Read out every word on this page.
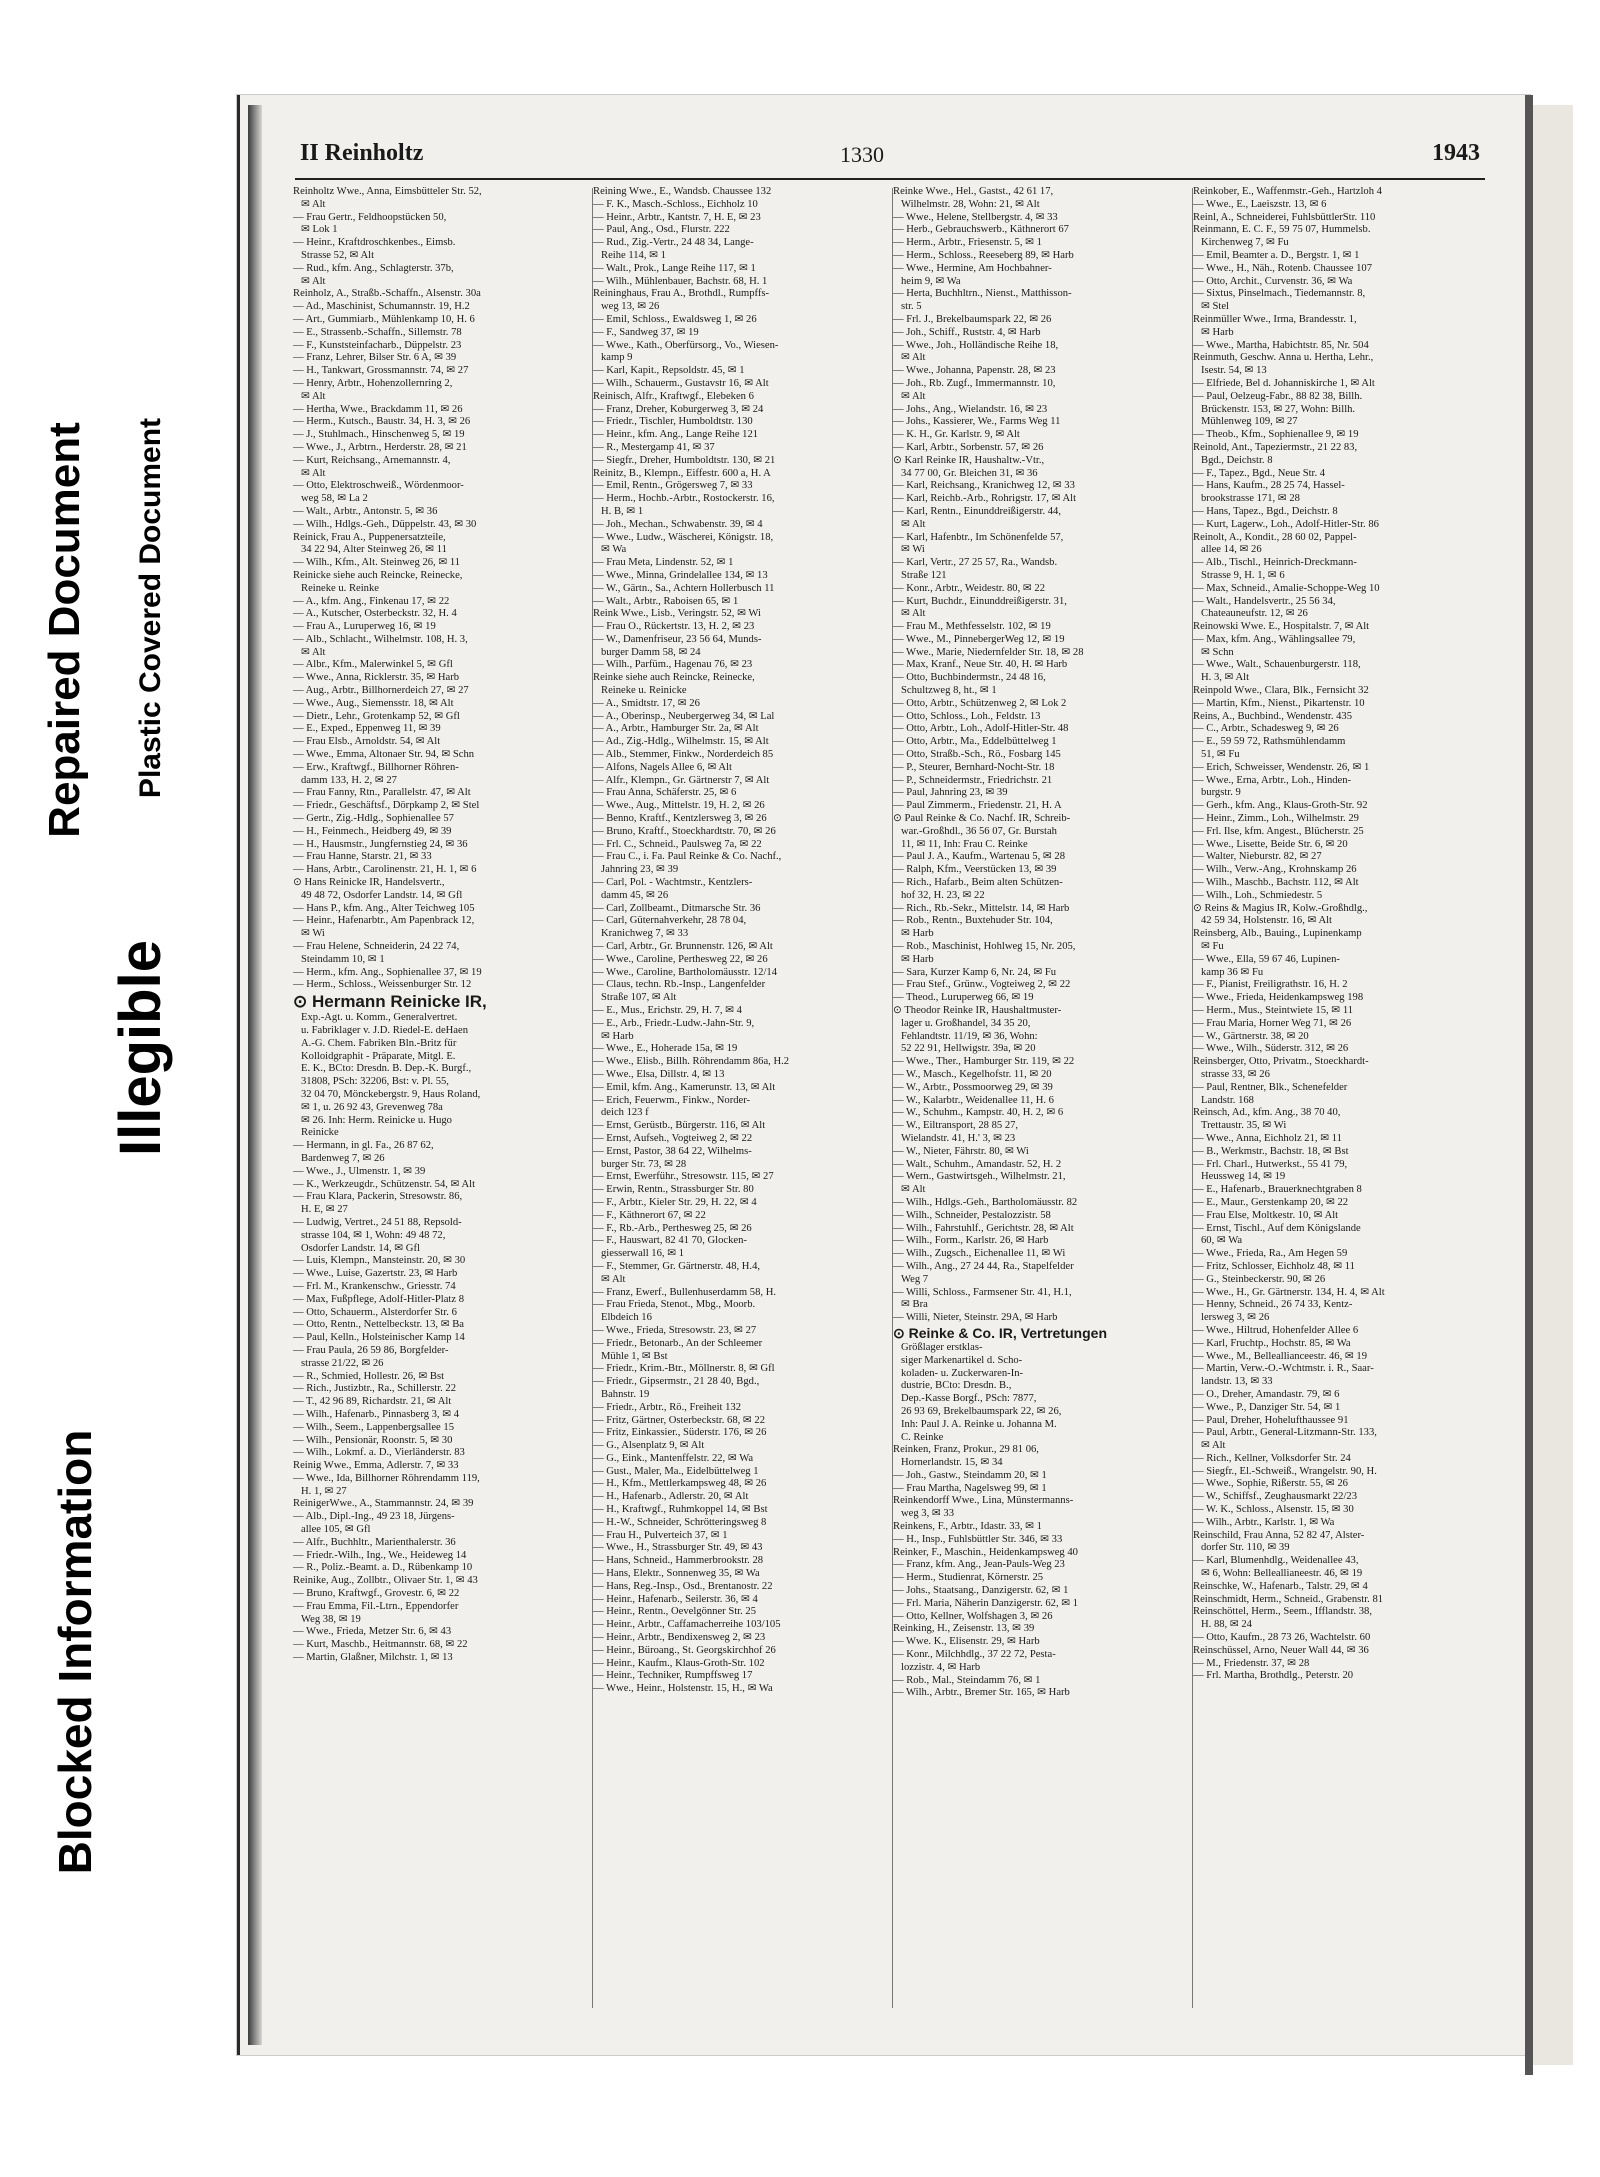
Repaired Document Plastic Covered Document
Illegible
Blocked Information
II Reinholtz	1330	1943
Reinholtz Wwe., Anna, Eimsbütteler Str. 52,
✉ Alt
— Frau Gertr., Feldhoopstücken 50,
✉ Lok 1
— Heinr., Kraftdroschkenbes., Eimsb.
Strasse 52, ✉ Alt
— Rud., kfm. Ang., Schlagterstr. 37b,
✉ Alt
Reinholz, A., Straßb.-Schaffn., Alsenstr. 30a
— Ad., Maschinist, Schumannstr. 19, H.2
— Art., Gummiarb., Mühlenkamp 10, H. 6
— E., Strassenb.-Schaffn., Sillemstr. 78
— F., Kunststeinfacharb., Düppelstr. 23
— Franz, Lehrer, Bilser Str. 6 A, ✉ 39
— H., Tankwart, Grossmannstr. 74, ✉ 27
— Henry, Arbtr., Hohenzollernring 2,
✉ Alt
— Hertha, Wwe., Brackdamm 11, ✉ 26
— Herm., Kutsch., Baustr. 34, H. 3, ✉ 26
— J., Stuhlmach., Hinschenweg 5, ✉ 19
— Wwe., J., Arbtrn., Herderstr. 28, ✉ 21
— Kurt, Reichsang., Arnemannstr. 4,
✉ Alt
— Otto, Elektroschweiß., Wördenmoor-
weg 58, ✉ La 2
— Walt., Arbtr., Antonstr. 5, ✉ 36
— Wilh., Hdlgs.-Geh., Düppelstr. 43, ✉ 30
Reinick, Frau A., Puppenersatzteile,
34 22 94, Alter Steinweg 26, ✉ 11
— Wilh., Kfm., Alt. Steinweg 26, ✉ 11
Reinicke siehe auch Reincke, Reinecke,
Reineke u. Reinke
— A., kfm. Ang., Finkenau 17, ✉ 22
— A., Kutscher, Osterbeckstr. 32, H. 4
— Frau A., Luruperweg 16, ✉ 19
— Alb., Schlacht., Wilhelmstr. 108, H. 3,
✉ Alt
— Albr., Kfm., Malerwinkel 5, ✉ Gfl
— Wwe., Anna, Ricklerstr. 35, ✉ Harb
— Aug., Arbtr., Billhornerdeich 27, ✉ 27
— Wwe., Aug., Siemensstr. 18, ✉ Alt
— Dietr., Lehr., Grotenkamp 52, ✉ Gfl
— E., Exped., Eppenweg 11, ✉ 39
— Frau Elsb., Arnoldstr. 54, ✉ Alt
— Wwe., Emma, Altonaer Str. 94, ✉ Schn
— Erw., Kraftwgf., Billhorner Röhren-
damm 133, H. 2, ✉ 27
— Frau Fanny, Rtn., Parallelstr. 47, ✉ Alt
— Friedr., Geschäftsf., Dörpkamp 2, ✉ Stel
— Gertr., Zig.-Hdlg., Sophienallee 57
— H., Feinmech., Heidberg 49, ✉ 39
— H., Hausmstr., Jungfernstieg 24, ✉ 36
— Frau Hanne, Starstr. 21, ✉ 33
— Hans, Arbtr., Carolinenstr. 21, H. 1, ✉ 6
⊙ Hans Reinicke IR, Handelsvertr.,
49 48 72, Osdorfer Landstr. 14, ✉ Gfl
— Hans P., kfm. Ang., Alter Teichweg 105
— Heinr., Hafenarbtr., Am Papenbrack 12,
✉ Wi
— Frau Helene, Schneiderin, 24 22 74,
Steindamm 10, ✉ 1
— Herm., kfm. Ang., Sophienallee 37, ✉ 19
— Herm., Schloss., Weissenburger Str. 12
⊙ Hermann Reinicke IR,
Exp.-Agt. u. Komm., Generalvertret.
u. Fabriklager v. J.D. Riedel-E. deHaen
A.-G. Chem. Fabriken Bln.-Britz für
Kolloidgraphit - Präparate, Mitgl. E.
E. K., BCto: Dresdn. B. Dep.-K. Burgf.,
31808, PSch: 32206, Bst: v. Pl. 55,
32 04 70, Mönckebergstr. 9, Haus Roland,
✉ 1, u. 26 92 43, Grevenweg 78a
✉ 26. Inh: Herm. Reinicke u. Hugo
Reinicke
— Hermann, in gl. Fa., 26 87 62,
Bardenweg 7, ✉ 26
— Wwe., J., Ulmenstr. 1, ✉ 39
— K., Werkzeugdr., Schützenstr. 54, ✉ Alt
— Frau Klara, Packerin, Stresowstr. 86,
H. E, ✉ 27
— Ludwig, Vertret., 24 51 88, Repsold-
strasse 104, ✉ 1, Wohn: 49 48 72,
Osdorfer Landstr. 14, ✉ Gfl
— Luis, Klempn., Mansteinstr. 20, ✉ 30
— Wwe., Luise, Gazertstr. 23, ✉ Harb
— Frl. M., Krankenschw., Griesstr. 74
— Max, Fußpflege, Adolf-Hitler-Platz 8
— Otto, Schauerm., Alsterdorfer Str. 6
— Otto, Rentn., Nettelbeckstr. 13, ✉ Ba
— Paul, Kelln., Holsteinischer Kamp 14
— Frau Paula, 26 59 86, Borgfelder-
strasse 21/22, ✉ 26
— R., Schmied, Hollestr. 26, ✉ Bst
— Rich., Justizbtr., Ra., Schillerstr. 22
— T., 42 96 89, Richardstr. 21, ✉ Alt
— Wilh., Hafenarb., Pinnasberg 3, ✉ 4
— Wilh., Seem., Lappenbergsallee 15
— Wilh., Pensionär, Roonstr. 5, ✉ 30
— Wilh., Lokmf. a. D., Vierländerstr. 83
Reinig Wwe., Emma, Adlerstr. 7, ✉ 33
— Wwe., Ida, Billhorner Röhrendamm 119,
H. 1, ✉ 27
ReinigerWwe., A., Stammannstr. 24, ✉ 39
— Alb., Dipl.-Ing., 49 23 18, Jürgens-
allee 105, ✉ Gfl
— Alfr., Buchhltr., Marienthalerstr. 36
— Friedr.-Wilh., Ing., We., Heideweg 14
— R., Poliz.-Beamt. a. D., Rübenkamp 10
Reinike, Aug., Zollbtr., Olivaer Str. 1, ✉ 43
— Bruno, Kraftwgf., Grovestr. 6, ✉ 22
— Frau Emma, Fil.-Ltrn., Eppendorfer
Weg 38, ✉ 19
— Wwe., Frieda, Metzer Str. 6, ✉ 43
— Kurt, Maschb., Heitmannstr. 68, ✉ 22
— Martin, Glaßner, Milchstr. 1, ✉ 13
Reining Wwe., E., Wandsb. Chaussee 132
— F. K., Masch.-Schloss., Eichholz 10
— Heinr., Arbtr., Kantstr. 7, H. E, ✉ 23
— Paul, Ang., Osd., Flurstr. 222
— Rud., Zig.-Vertr., 24 48 34, Lange-
Reihe 114, ✉ 1
— Walt., Prok., Lange Reihe 117, ✉ 1
— Wilh., Mühlenbauer, Bachstr. 68, H. 1
Reininghaus, Frau A., Brothdl., Rumpffs-
weg 13, ✉ 26
— Emil, Schloss., Ewaldsweg 1, ✉ 26
— F., Sandweg 37, ✉ 19
— Wwe., Kath., Oberfürsorg., Vo., Wiesen-
kamp 9
— Karl, Kapit., Repsoldstr. 45, ✉ 1
— Wilh., Schauerm., Gustavstr 16, ✉ Alt
Reinisch, Alfr., Kraftwgf., Elebeken 6
— Franz, Dreher, Koburgerweg 3, ✉ 24
— Friedr., Tischler, Humboldtstr. 130
— Heinr., kfm. Ang., Lange Reihe 121
— R., Mestergamp 41, ✉ 37
— Siegfr., Dreher, Humboldtstr. 130, ✉ 21
Reinitz, B., Klempn., Eiffestr. 600 a, H. A
— Emil, Rentn., Grögersweg 7, ✉ 33
— Herm., Hochb.-Arbtr., Rostockerstr. 16,
H. B, ✉ 1
— Joh., Mechan., Schwabenstr. 39, ✉ 4
— Wwe., Ludw., Wäscherei, Königstr. 18,
✉ Wa
— Frau Meta, Lindenstr. 52, ✉ 1
— Wwe., Minna, Grindelallee 134, ✉ 13
— W., Gärtn., Sa., Achtern Hollerbusch 11
— Walt., Arbtr., Raboisen 65, ✉ 1
Reink Wwe., Lisb., Veringstr. 52, ✉ Wi
— Frau O., Rückertstr. 13, H. 2, ✉ 23
— W., Damenfriseur, 23 56 64, Munds-
burger Damm 58, ✉ 24
— Wilh., Parfüm., Hagenau 76, ✉ 23
Reinke siehe auch Reincke, Reinecke,
Reineke u. Reinicke
— A., Smidtstr. 17, ✉ 26
— A., Oberinsp., Neubergerweg 34, ✉ Lal
— A., Arbtr., Hamburger Str. 2a, ✉ Alt
— Ad., Zig.-Hdlg., Wilhelmstr. 15, ✉ Alt
— Alb., Stemmer, Finkw., Norderdeich 85
— Alfons, Nagels Allee 6, ✉ Alt
— Alfr., Klempn., Gr. Gärtnerstr 7, ✉ Alt
— Frau Anna, Schäferstr. 25, ✉ 6
— Wwe., Aug., Mittelstr. 19, H. 2, ✉ 26
— Benno, Kraftf., Kentzlersweg 3, ✉ 26
— Bruno, Kraftf., Stoeckhardtstr. 70, ✉ 26
— Frl. C., Schneid., Paulsweg 7a, ✉ 22
— Frau C., i. Fa. Paul Reinke & Co. Nachf.,
Jahnring 23, ✉ 39
— Carl, Pol. - Wachtmstr., Kentzlers-
damm 45, ✉ 26
— Carl, Zollbeamt., Ditmarsche Str. 36
— Carl, Güternahverkehr, 28 78 04,
Kranichweg 7, ✉ 33
— Carl, Arbtr., Gr. Brunnenstr. 126, ✉ Alt
— Wwe., Caroline, Perthesweg 22, ✉ 26
— Wwe., Caroline, Bartholomäusstr. 12/14
— Claus, techn. Rb.-Insp., Langenfelder
Straße 107, ✉ Alt
— E., Mus., Erichstr. 29, H. 7, ✉ 4
— E., Arb., Friedr.-Ludw.-Jahn-Str. 9,
✉ Harb
— Wwe., E., Hoherade 15a, ✉ 19
— Wwe., Elisb., Billh. Röhrendamm 86a, H.2
— Wwe., Elsa, Dillstr. 4, ✉ 13
— Emil, kfm. Ang., Kamerunstr. 13, ✉ Alt
— Erich, Feuerwm., Finkw., Norder-
deich 123 f
— Ernst, Gerüstb., Bürgerstr. 116, ✉ Alt
— Ernst, Aufseh., Vogteiweg 2, ✉ 22
— Ernst, Pastor, 38 64 22, Wilhelms-
burger Str. 73, ✉ 28
— Ernst, Ewerführ., Stresowstr. 115, ✉ 27
— Erwin, Rentn., Strassburger Str. 80
— F., Arbtr., Kieler Str. 29, H. 22, ✉ 4
— F., Käthnerort 67, ✉ 22
— F., Rb.-Arb., Perthesweg 25, ✉ 26
— F., Hauswart, 82 41 70, Glocken-
giesserwall 16, ✉ 1
— F., Stemmer, Gr. Gärtnerstr. 48, H.4,
✉ Alt
— Franz, Ewerf., Bullenhuserdamm 58, H.
— Frau Frieda, Stenot., Mbg., Moorb.
Elbdeich 16
— Wwe., Frieda, Stresowstr. 23, ✉ 27
— Friedr., Betonarb., An der Schleemer
Mühle 1, ✉ Bst
— Friedr., Krim.-Btr., Möllnerstr. 8, ✉ Gfl
— Friedr., Gipsermstr., 21 28 40, Bgd.,
Bahnstr. 19
— Friedr., Arbtr., Rö., Freiheit 132
— Fritz, Gärtner, Osterbeckstr. 68, ✉ 22
— Fritz, Einkassier., Süderstr. 176, ✉ 26
— G., Alsenplatz 9, ✉ Alt
— G., Eink., Mantenffelstr. 22, ✉ Wa
— Gust., Maler, Ma., Eidelbüttelweg 1
— H., Kfm., Mettlerkampsweg 48, ✉ 26
— H., Hafenarb., Adlerstr. 20, ✉ Alt
— H., Kraftwgf., Ruhmkoppel 14, ✉ Bst
— H.-W., Schneider, Schrötteringsweg 8
— Frau H., Pulverteich 37, ✉ 1
— Wwe., H., Strassburger Str. 49, ✉ 43
— Hans, Schneid., Hammerbrookstr. 28
— Hans, Elektr., Sonnenweg 35, ✉ Wa
— Hans, Reg.-Insp., Osd., Brentanostr. 22
— Heinr., Hafenarb., Seilerstr. 36, ✉ 4
— Heinr., Rentn., Oevelgönner Str. 25
— Heinr., Arbtr., Caffamacherreihe 103/105
— Heinr., Arbtr., Bendixensweg 2, ✉ 23
— Heinr., Büroang., St. Georgskirchhof 26
— Heinr., Kaufm., Klaus-Groth-Str. 102
— Heinr., Techniker, Rumpffsweg 17
— Wwe., Heinr., Holstenstr. 15, H., ✉ Wa
Reinke Wwe., Hel., Gastst., 42 61 17,
Wilhelmstr. 28, Wohn: 21, ✉ Alt
— Wwe., Helene, Stellbergstr. 4, ✉ 33
— Herb., Gebrauchswerb., Käthnerort 67
— Herm., Arbtr., Friesenstr. 5, ✉ 1
— Herm., Schloss., Reeseberg 89, ✉ Harb
— Wwe., Hermine, Am Hochbahner-
heim 9, ✉ Wa
— Herta, Buchhltrn., Nienst., Matthisson-
str. 5
— Frl. J., Brekelbaumspark 22, ✉ 26
— Joh., Schiff., Ruststr. 4, ✉ Harb
— Wwe., Joh., Holländische Reihe 18,
✉ Alt
— Wwe., Johanna, Papenstr. 28, ✉ 23
— Joh., Rb. Zugf., Immermannstr. 10,
✉ Alt
— Johs., Ang., Wielandstr. 16, ✉ 23
— Johs., Kassierer, We., Farms Weg 11
— K. H., Gr. Karlstr. 9, ✉ Alt
— Karl, Arbtr., Sorbenstr. 57, ✉ 26
⊙ Karl Reinke IR, Haushaltw.-Vtr.,
34 77 00, Gr. Bleichen 31, ✉ 36
— Karl, Reichsang., Kranichweg 12, ✉ 33
— Karl, Reichb.-Arb., Rohrigstr. 17, ✉ Alt
— Karl, Rentn., Einunddreißigerstr. 44,
✉ Alt
— Karl, Hafenbtr., Im Schönenfelde 57,
✉ Wi
— Karl, Vertr., 27 25 57, Ra., Wandsb.
Straße 121
— Konr., Arbtr., Weidestr. 80, ✉ 22
— Kurt, Buchdr., Einunddreißigerstr. 31,
✉ Alt
— Frau M., Methfesselstr. 102, ✉ 19
— Wwe., M., PinnebergerWeg 12, ✉ 19
— Wwe., Marie, Niedernfelder Str. 18, ✉ 28
— Max, Kranf., Neue Str. 40, H. ✉ Harb
— Otto, Buchbindermstr., 24 48 16,
Schultzweg 8, ht., ✉ 1
— Otto, Arbtr., Schützenweg 2, ✉ Lok 2
— Otto, Schloss., Loh., Feldstr. 13
— Otto, Arbtr., Loh., Adolf-Hitler-Str. 48
— Otto, Arbtr., Ma., Eddelbüttelweg 1
— Otto, Straßb.-Sch., Rö., Fosbarg 145
— P., Steurer, Bernhard-Nocht-Str. 18
— P., Schneidermstr., Friedrichstr. 21
— Paul, Jahnring 23, ✉ 39
— Paul Zimmerm., Friedenstr. 21, H. A
⊙ Paul Reinke & Co. Nachf. IR, Schreib-
war.-Großhdl., 36 56 07, Gr. Burstah
11, ✉ 11, Inh: Frau C. Reinke
— Paul J. A., Kaufm., Wartenau 5, ✉ 28
— Ralph, Kfm., Veerstücken 13, ✉ 39
— Rich., Hafarb., Beim alten Schützen-
hof 32, H. 23, ✉ 22
— Rich., Rb.-Sekr., Mittelstr. 14, ✉ Harb
— Rob., Rentn., Buxtehuder Str. 104,
✉ Harb
— Rob., Maschinist, Hohlweg 15, Nr. 205,
✉ Harb
— Sara, Kurzer Kamp 6, Nr. 24, ✉ Fu
— Frau Stef., Grünw., Vogteiweg 2, ✉ 22
— Theod., Luruperweg 66, ✉ 19
⊙ Theodor Reinke IR, Haushaltmuster-
lager u. Großhandel, 34 35 20,
Fehlandtstr. 11/19, ✉ 36, Wohn:
52 22 91, Hellwigstr. 39a, ✉ 20
— Wwe., Ther., Hamburger Str. 119, ✉ 22
— W., Masch., Kegelhofstr. 11, ✉ 20
— W., Arbtr., Possmoorweg 29, ✉ 39
— W., Kalarbtr., Weidenallee 11, H. 6
— W., Schuhm., Kampstr. 40, H. 2, ✉ 6
— W., Eiltransport, 28 85 27,
Wielandstr. 41, H.' 3, ✉ 23
— W., Nieter, Fährstr. 80, ✉ Wi
— Walt., Schuhm., Amandastr. 52, H. 2
— Wern., Gastwirtsgeh., Wilhelmstr. 21,
✉ Alt
— Wilh., Hdlgs.-Geh., Bartholomäusstr. 82
— Wilh., Schneider, Pestalozzistr. 58
— Wilh., Fahrstuhlf., Gerichtstr. 28, ✉ Alt
— Wilh., Form., Karlstr. 26, ✉ Harb
— Wilh., Zugsch., Eichenallee 11, ✉ Wi
— Wilh., Ang., 27 24 44, Ra., Stapelfelder
Weg 7
— Willi, Schloss., Farmsener Str. 41, H.1,
✉ Bra
— Willi, Nieter, Steinstr. 29A, ✉ Harb
⊙ Reinke & Co. IR, Vertretungen
Größlager erstklas-
siger Markenartikel d. Scho-
koladen- u. Zuckerwaren-In-
dustrie, BCto: Dresdn. B.,
Dep.-Kasse Borgf., PSch: 7877,
26 93 69, Brekelbaumspark 22, ✉ 26,
Inh: Paul J. A. Reinke u. Johanna M.
C. Reinke
Reinken, Franz, Prokur., 29 81 06,
Hornerlandstr. 15, ✉ 34
— Joh., Gastw., Steindamm 20, ✉ 1
— Frau Martha, Nagelsweg 99, ✉ 1
Reinkendorff Wwe., Lina, Münstermanns-
weg 3, ✉ 33
Reinkens, F., Arbtr., Idastr. 33, ✉ 1
— H., Insp., Fuhlsbüttler Str. 346, ✉ 33
Reinker, F., Maschin., Heidenkampsweg 40
— Franz, kfm. Ang., Jean-Pauls-Weg 23
— Herm., Studienrat, Körnerstr. 25
— Johs., Staatsang., Danzigerstr. 62, ✉ 1
— Frl. Maria, Näherin Danzigerstr. 62, ✉ 1
— Otto, Kellner, Wolfshagen 3, ✉ 26
Reinking, H., Zeisenstr. 13, ✉ 39
— Wwe. K., Elisenstr. 29, ✉ Harb
— Konr., Milchhdlg., 37 22 72, Pesta-
lozzistr. 4, ✉ Harb
— Rob., Mal., Steindamm 76, ✉ 1
— Wilh., Arbtr., Bremer Str. 165, ✉ Harb
Reinkober, E., Waffenmstr.-Geh., Hartzloh 4
— Wwe., E., Laeiszstr. 13, ✉ 6
Reinl, A., Schneiderei, FuhlsbüttlerStr. 110
Reinmann, E. C. F., 59 75 07, Hummelsb.
Kirchenweg 7, ✉ Fu
— Emil, Beamter a. D., Bergstr. 1, ✉ 1
— Wwe., H., Näh., Rotenb. Chaussee 107
— Otto, Archit., Curvenstr. 36, ✉ Wa
— Sixtus, Pinselmach., Tiedemannstr. 8,
✉ Stel
Reinmüller Wwe., Irma, Brandesstr. 1,
✉ Harb
— Wwe., Martha, Habichtstr. 85, Nr. 504
Reinmuth, Geschw. Anna u. Hertha, Lehr.,
Isestr. 54, ✉ 13
— Elfriede, Bel d. Johanniskirche 1, ✉ Alt
— Paul, Oelzeug-Fabr., 88 82 38, Billh.
Brückenstr. 153, ✉ 27, Wohn: Billh.
Mühlenweg 109, ✉ 27
— Theob., Kfm., Sophienallee 9, ✉ 19
Reinold, Ant., Tapeziermstr., 21 22 83,
Bgd., Deichstr. 8
— F., Tapez., Bgd., Neue Str. 4
— Hans, Kaufm., 28 25 74, Hassel-
brookstrasse 171, ✉ 28
— Hans, Tapez., Bgd., Deichstr. 8
— Kurt, Lagerw., Loh., Adolf-Hitler-Str. 86
Reinolt, A., Kondit., 28 60 02, Pappel-
allee 14, ✉ 26
— Alb., Tischl., Heinrich-Dreckmann-
Strasse 9, H. 1, ✉ 6
— Max, Schneid., Amalie-Schoppe-Weg 10
— Walt., Handelsvertr., 25 56 34,
Chateauneufstr. 12, ✉ 26
Reinowski Wwe. E., Hospitalstr. 7, ✉ Alt
— Max, kfm. Ang., Wählingsallee 79,
✉ Schn
— Wwe., Walt., Schauenburgerstr. 118,
H. 3, ✉ Alt
Reinpold Wwe., Clara, Blk., Fernsicht 32
— Martin, Kfm., Nienst., Pikartenstr. 10
Reins, A., Buchbind., Wendenstr. 435
— C., Arbtr., Schadesweg 9, ✉ 26
— E., 59 59 72, Rathsmühlendamm
51, ✉ Fu
— Erich, Schweisser, Wendenstr. 26, ✉ 1
— Wwe., Erna, Arbtr., Loh., Hinden-
burgstr. 9
— Gerh., kfm. Ang., Klaus-Groth-Str. 92
— Heinr., Zimm., Loh., Wilhelmstr. 29
— Frl. Ilse, kfm. Angest., Blücherstr. 25
— Wwe., Lisette, Beide Str. 6, ✉ 20
— Walter, Nieburstr. 82, ✉ 27
— Wilh., Verw.-Ang., Krohnskamp 26
— Wilh., Maschb., Bachstr. 112, ✉ Alt
— Wilh., Loh., Schmiedestr. 5
⊙ Reins & Magius IR, Kolw.-Großhdlg.,
42 59 34, Holstenstr. 16, ✉ Alt
Reinsberg, Alb., Bauing., Lupinenkamp
✉ Fu
— Wwe., Ella, 59 67 46, Lupinen-
kamp 36 ✉ Fu
— F., Pianist, Freiligrathstr. 16, H. 2
— Wwe., Frieda, Heidenkampsweg 198
— Herm., Mus., Steintwiete 15, ✉ 11
— Frau Maria, Horner Weg 71, ✉ 26
— W., Gärtnerstr. 38, ✉ 20
— Wwe., Wilh., Süderstr. 312, ✉ 26
Reinsberger, Otto, Privatm., Stoeckhardt-
strasse 33, ✉ 26
— Paul, Rentner, Blk., Schenefelder
Landstr. 168
Reinsch, Ad., kfm. Ang., 38 70 40,
Trettaustr. 35, ✉ Wi
— Wwe., Anna, Eichholz 21, ✉ 11
— B., Werkmstr., Bachstr. 18, ✉ Bst
— Frl. Charl., Hutwerkst., 55 41 79,
Heussweg 14, ✉ 19
— E., Hafenarb., Brauerknechtgraben 8
— E., Maur., Gerstenkamp 20, ✉ 22
— Frau Else, Moltkestr. 10, ✉ Alt
— Ernst, Tischl., Auf dem Königslande
60, ✉ Wa
— Wwe., Frieda, Ra., Am Hegen 59
— Fritz, Schlosser, Eichholz 48, ✉ 11
— G., Steinbeckerstr. 90, ✉ 26
— Wwe., H., Gr. Gärtnerstr. 134, H. 4, ✉ Alt
— Henny, Schneid., 26 74 33, Kentz-
lersweg 3, ✉ 26
— Wwe., Hiltrud, Hohenfelder Allee 6
— Karl, Fruchtp., Hochstr. 85, ✉ Wa
— Wwe., M., Belleallianceestr. 46, ✉ 19
— Martin, Verw.-O.-Wchtmstr. i. R., Saar-
landstr. 13, ✉ 33
— O., Dreher, Amandastr. 79, ✉ 6
— Wwe., P., Danziger Str. 54, ✉ 1
— Paul, Dreher, Hohelufthaussee 91
— Paul, Arbtr., General-Litzmann-Str. 133,
✉ Alt
— Rich., Kellner, Volksdorfer Str. 24
— Siegfr., El.-Schweiß., Wrangelstr. 90, H.
— Wwe., Sophie, Rißerstr. 55, ✉ 26
— W., Schiffsf., Zeughausmarkt 22/23
— W. K., Schloss., Alsenstr. 15, ✉ 30
— Wilh., Arbtr., Karlstr. 1, ✉ Wa
Reinschild, Frau Anna, 52 82 47, Alster-
dorfer Str. 110, ✉ 39
— Karl, Blumenhdlg., Weidenallee 43,
✉ 6, Wohn: Belleallianeestr. 46, ✉ 19
Reinschke, W., Hafenarb., Talstr. 29, ✉ 4
Reinschmidt, Herm., Schneid., Grabenstr. 81
Reinschöttel, Herm., Seem., Ifflandstr. 38,
H. 88, ✉ 24
— Otto, Kaufm., 28 73 26, Wachtelstr. 60
Reinschüssel, Arno, Neuer Wall 44, ✉ 36
— M., Friedenstr. 37, ✉ 28
— Frl. Martha, Brothdlg., Peterstr. 20
